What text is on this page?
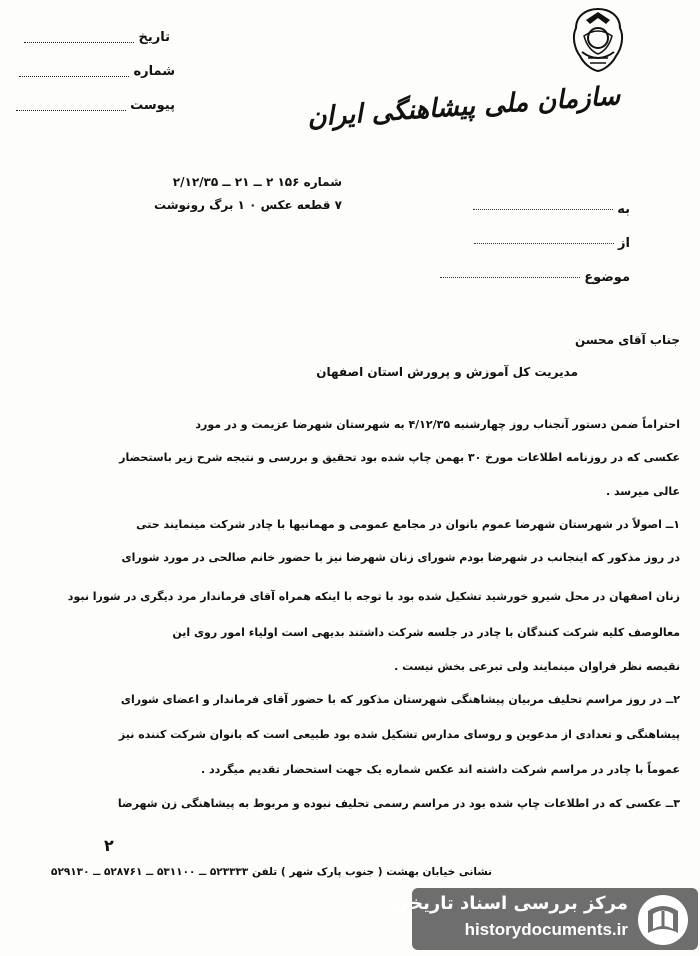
سازمان ملی پیشاهنگی ایران
تاریخ
شماره
پیوست
شماره ۱۵۶ ۲ ــ ۲۱ ــ ۲/۱۲/۳۵
۷ قطعه عکس ۰ ۱ برگ رونوشت	به
از
موضوع
جناب آقای محسن
مدیریت کل آموزش و پرورش استان اصفهان
احتراماً ضمن دستور آنجناب روز چهارشنبه ۴/۱۲/۳۵ به شهرستان شهرضا عزیمت و در مورد
عکسی که در روزنامه اطلاعات مورخ ۳۰ بهمن چاپ شده بود تحقیق و بررسی و نتیجه شرح زیر باستحضار
عالی میرسد .
۱ــ اصولاً در شهرستان شهرضا عموم بانوان در مجامع عمومی و مهمانیها با چادر شرکت مینمایند حتی
در روز مذکور که اینجانب در شهرضا بودم شورای زنان شهرضا نیز با حضور خانم صالحی در مورد شورای
زنان اصفهان در محل شیرو خورشید تشکیل شده بود با توجه با اینکه همراه آقای فرماندار مرد دیگری در شورا نبود
معالوصف کلیه شرکت کنندگان با چادر در جلسه شرکت داشتند بدیهی است اولیاء امور روی این
نقیصه نظر فراوان مینمایند ولی تبرعی بخش نیست .
۲ــ در روز مراسم تحلیف مربیان پیشاهنگی شهرستان مذکور که با حضور آقای فرماندار و اعضای شورای
پیشاهنگی و تعدادی از مدعوین و روسای مدارس تشکیل شده بود طبیعی است که بانوان شرکت کننده نیز
عموماً با چادر در مراسم شرکت داشته اند عکس شماره یک جهت استحضار تقدیم میگردد .
۳ــ عکسی که در اطلاعات چاپ شده بود در مراسم رسمی تحلیف نبوده و مربوط به پیشاهنگی زن شهرضا
۲
نشانی خیابان بهشت ( جنوب پارک شهر ) تلفن ۵۲۳۳۳۳ ــ ۵۳۱۱۰۰ ــ ۵۲۸۷۶۱ ــ ۵۲۹۱۳۰
مرکز بررسی اسناد تاریخی
historydocuments.ir
